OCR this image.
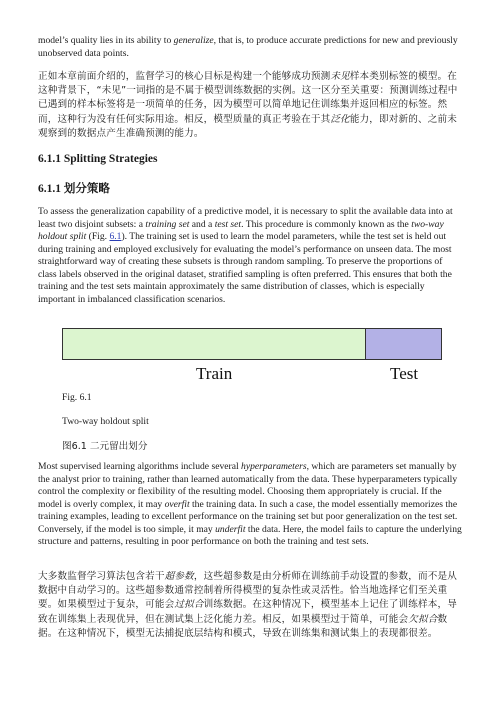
model’s quality lies in its ability to generalize, that is, to produce accurate predictions for new and previously unobserved data points.

正如本章前面介绍的，监督学习的核心目标是构建一个能够成功预测未见样本类别标签的模型。在这种背景下，“未见”一词指的是不属于模型训练数据的实例。这一区分至关重要：预测训练过程中已遇到的样本标签将是一项简单的任务，因为模型可以简单地记住训练集并返回相应的标签。然而，这种行为没有任何实际用途。相反，模型质量的真正考验在于其泛化能力，即对新的、之前未观察到的数据点产生准确预测的能力。

6.1.1 Splitting Strategies

6.1.1 划分策略

To assess the generalization capability of a predictive model, it is necessary to split the available data into at least two disjoint subsets: a training set and a test set. This procedure is commonly known as the two-way holdout split (Fig. 6.1). The training set is used to learn the model parameters, while the test set is held out during training and employed exclusively for evaluating the model’s performance on unseen data. The most straightforward way of creating these subsets is through random sampling. To preserve the proportions of class labels observed in the original dataset, stratified sampling is often preferred. This ensures that both the training and the test sets maintain approximately the same distribution of classes, which is especially important in imbalanced classification scenarios.

Most supervised learning algorithms include several hyperparameters, which are parameters set manually by the analyst prior to training, rather than learned automatically from the data. These hyperparameters typically control the complexity or flexibility of the resulting model. Choosing them appropriately is crucial. If the model is overly complex, it may overfit the training data. In such a case, the model essentially memorizes the training examples, leading to excellent performance on the training set but poor generalization on the test set. Conversely, if the model is too simple, it may underfit the data. Here, the model fails to capture the underlying structure and patterns, resulting in poor performance on both the training and test sets.

大多数监督学习算法包含若干超参数，这些超参数是由分析师在训练前手动设置的参数，而不是从数据中自动学习的。这些超参数通常控制着所得模型的复杂性或灵活性。恰当地选择它们至关重要。如果模型过于复杂，可能会过拟合训练数据。在这种情况下，模型基本上记住了训练样本，导致在训练集上表现优异，但在测试集上泛化能力差。相反，如果模型过于简单，可能会欠拟合数据。在这种情况下，模型无法捕捉底层结构和模式，导致在训练集和测试集上的表现都很差。

Train	Test
Fig. 6.1
Two-way holdout split
图6.1 二元留出划分
